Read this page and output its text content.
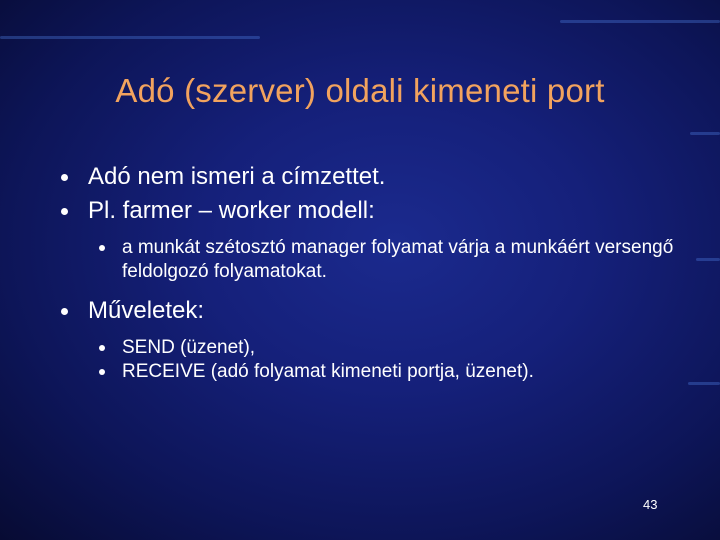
Adó (szerver) oldali kimeneti port
Adó nem ismeri a címzettet.
Pl. farmer – worker modell:
a munkát szétosztó manager folyamat várja a munkáért versengő feldolgozó folyamatokat.
Műveletek:
SEND (üzenet),
RECEIVE (adó folyamat kimeneti portja, üzenet).
43
